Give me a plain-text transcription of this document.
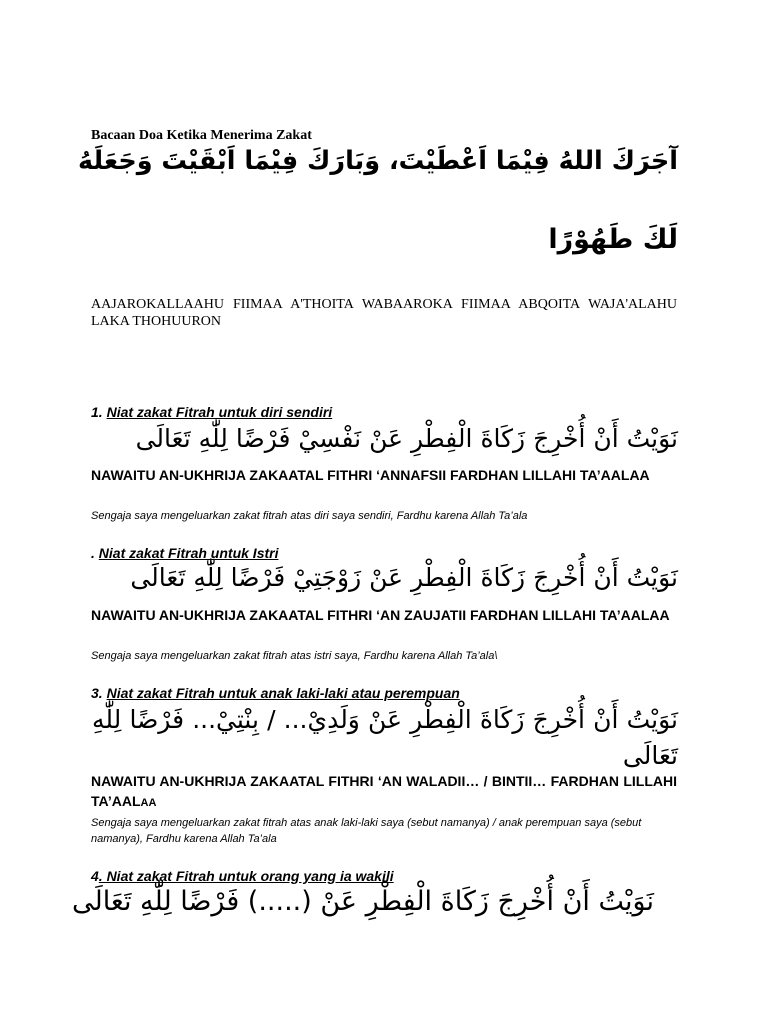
Bacaan Doa Ketika Menerima Zakat
آجَرَكَ اللهُ فِيْمَا اَعْطَيْتَ، وَبَارَكَ فِيْمَا اَبْقَيْتَ وَجَعَلَهُ
لَكَ طَهُوْرًا
AAJAROKALLAAHU FIIMAA A'THOITA WABAAROKA FIIMAA ABQOITA WAJA'ALAHU LAKA THOHUURON
1. Niat zakat Fitrah untuk diri sendiri
نَوَيْتُ أَنْ أُخْرِجَ زَكَاةَ الْفِطْرِ عَنْ نَفْسِيْ فَرْضًا لِلّٰهِ تَعَالَى
NAWAITU AN-UKHRIJA ZAKAATAL FITHRI ‘ANNAFSII FARDHAN LILLAHI TA’AALAA
Sengaja saya mengeluarkan zakat fitrah atas diri saya sendiri, Fardhu karena Allah Ta’ala
. Niat zakat Fitrah untuk Istri
نَوَيْتُ أَنْ أُخْرِجَ زَكَاةَ الْفِطْرِ عَنْ زَوْجَتِيْ فَرْضًا لِلّٰهِ تَعَالَى
NAWAITU AN-UKHRIJA ZAKAATAL FITHRI ‘AN ZAUJATII FARDHAN LILLAHI TA’AALAA
Sengaja saya mengeluarkan zakat fitrah atas istri saya, Fardhu karena Allah Ta’ala\
3. Niat zakat Fitrah untuk anak laki-laki atau perempuan
نَوَيْتُ أَنْ أُخْرِجَ زَكَاةَ الْفِطْرِ عَنْ وَلَدِيْ... / بِنْتِيْ... فَرْضًا لِلّٰهِ تَعَالَى
NAWAITU AN-UKHRIJA ZAKAATAL FITHRI ‘AN WALADII… / BINTII… FARDHAN LILLAHI TA’AALAA
Sengaja saya mengeluarkan zakat fitrah atas anak laki-laki saya (sebut namanya) / anak perempuan saya (sebut namanya), Fardhu karena Allah Ta’ala
4. Niat zakat Fitrah untuk orang yang ia wakili
نَوَيْتُ أَنْ أُخْرِجَ زَكَاةَ الْفِطْرِ عَنْ (.....) فَرْضًا لِلّٰهِ تَعَالَى
